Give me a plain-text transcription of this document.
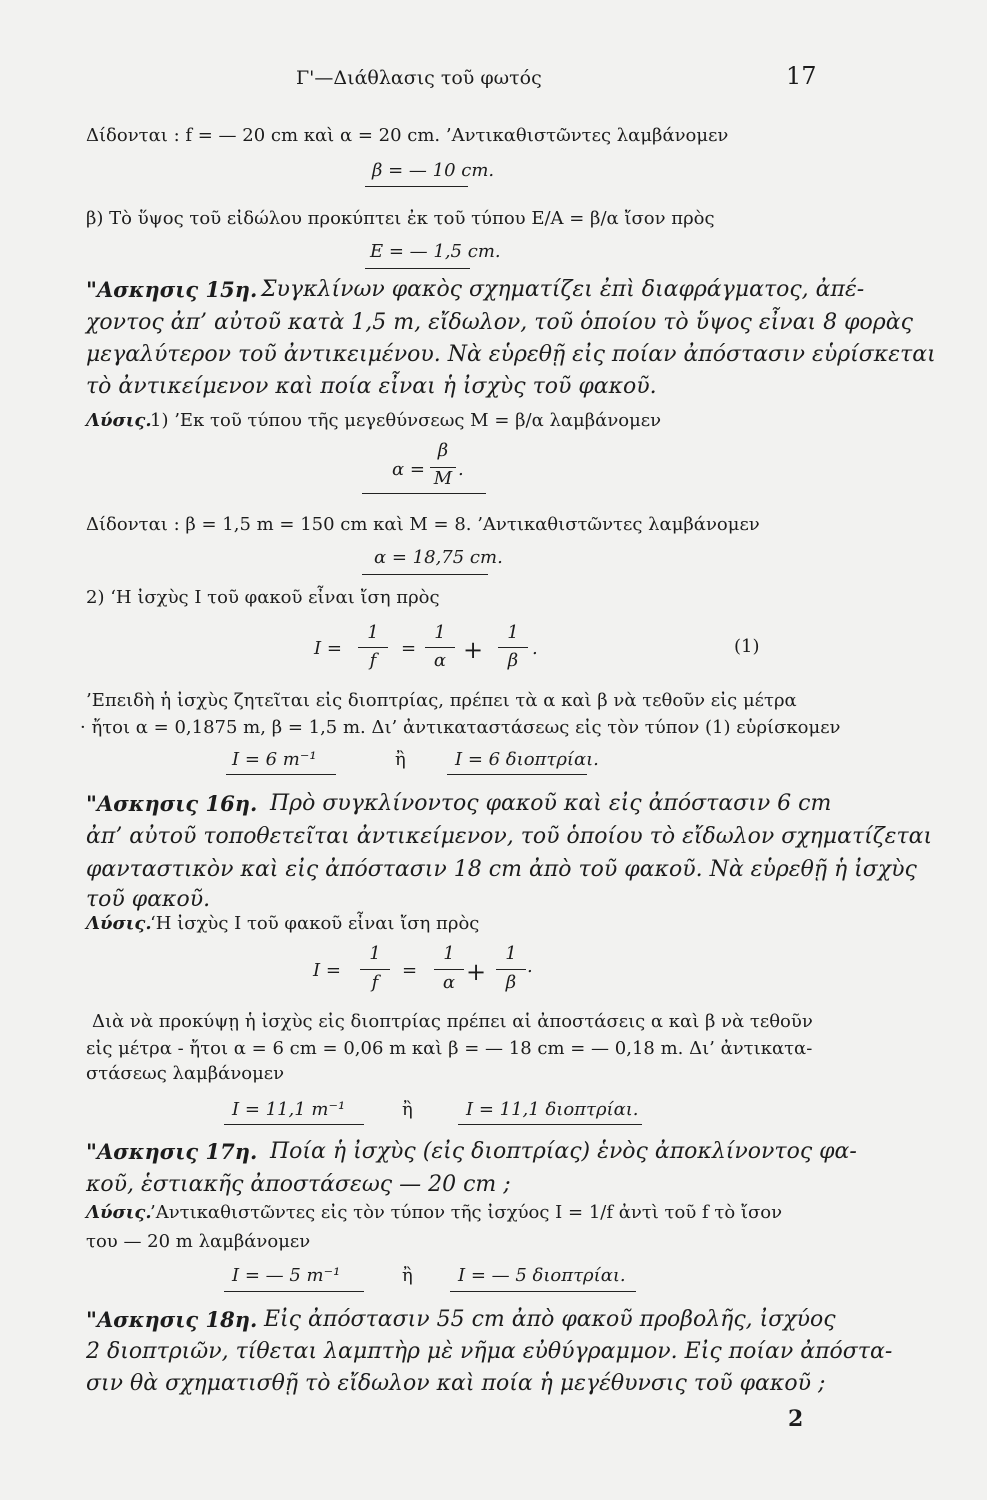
Γ'—Διάθλασις τοῦ φωτός	17
Δίδονται : f = — 20 cm καὶ α = 20 cm. ’Αντικαθιστῶντες λαμβάνομεν
β = — 10 cm.
β) Τὸ ὕψος τοῦ εἰδώλου προκύπτει ἐκ τοῦ τύπου E/A = β/α ἴσον πρὸς
E = — 1,5 cm.
"Ασκησις 15η. Συγκλίνων φακὸς σχηματίζει ἐπὶ διαφράγματος, ἀπέ-
χοντος ἀπ’ αὐτοῦ κατὰ 1,5 m, εἴδωλον, τοῦ ὁποίου τὸ ὕψος εἶναι 8 φορὰς
μεγαλύτερον τοῦ ἀντικειμένου. Νὰ εὑρεθῇ εἰς ποίαν ἀπόστασιν εὑρίσκεται
τὸ ἀντικείμενον καὶ ποία εἶναι ἡ ἰσχὺς τοῦ φακοῦ.
Λύσις.
1) ’Εκ τοῦ τύπου τῆς μεγεθύνσεως M = β/α λαμβάνομεν
α =
β
M .
Δίδονται : β = 1,5 m = 150 cm καὶ M = 8. ’Αντικαθιστῶντες λαμβάνομεν
α = 18,75 cm.
2) ‘Η ἰσχὺς I τοῦ φακοῦ εἶναι ἴση πρὸς
I =
1
f
=
1
α +
1
β
.	(1)
’Επειδὴ ἡ ἰσχὺς ζητεῖται εἰς διοπτρίας, πρέπει τὰ α καὶ β νὰ τεθοῦν εἰς μέτρα
· ἤτοι α = 0,1875 m, β = 1,5 m. Δι’ ἀντικαταστάσεως εἰς τὸν τύπον (1) εὑρίσκομεν
I = 6 m⁻¹	ἢ	I = 6 διοπτρίαι.
"Ασκησις 16η. Πρὸ συγκλίνοντος φακοῦ καὶ εἰς ἀπόστασιν 6 cm
ἀπ’ αὐτοῦ τοποθετεῖται ἀντικείμενον, τοῦ ὁποίου τὸ εἴδωλον σχηματίζεται
φανταστικὸν καὶ εἰς ἀπόστασιν 18 cm ἀπὸ τοῦ φακοῦ. Νὰ εὑρεθῇ ἡ ἰσχὺς
τοῦ φακοῦ.
Λύσις.
‘Η ἰσχὺς I τοῦ φακοῦ εἶναι ἴση πρὸς
I =
1
f
=
1
α +
1
β
.
Διὰ νὰ προκύψῃ ἡ ἰσχὺς εἰς διοπτρίας πρέπει αἱ ἀποστάσεις α καὶ β νὰ τεθοῦν
εἰς μέτρα - ἤτοι α = 6 cm = 0,06 m καὶ β = — 18 cm = — 0,18 m. Δι’ ἀντικατα-
στάσεως λαμβάνομεν
I = 11,1 m⁻¹	ἢ	I = 11,1 διοπτρίαι.
"Ασκησις 17η. Ποία ἡ ἰσχὺς (εἰς διοπτρίας) ἑνὸς ἀποκλίνοντος φα-
κοῦ, ἑστιακῆς ἀποστάσεως — 20 cm ;
Λύσις.
’Αντικαθιστῶντες εἰς τὸν τύπον τῆς ἰσχύος I = 1/f ἀντὶ τοῦ f τὸ ἴσον
του — 20 m λαμβάνομεν
I = — 5 m⁻¹	ἢ	I = — 5 διοπτρίαι.
"Ασκησις 18η. Εἰς ἀπόστασιν 55 cm ἀπὸ φακοῦ προβολῆς, ἰσχύος
2 διοπτριῶν, τίθεται λαμπτὴρ μὲ νῆμα εὐθύγραμμον. Εἰς ποίαν ἀπόστα-
σιν θὰ σχηματισθῇ τὸ εἴδωλον καὶ ποία ἡ μεγέθυνσις τοῦ φακοῦ ;
2
